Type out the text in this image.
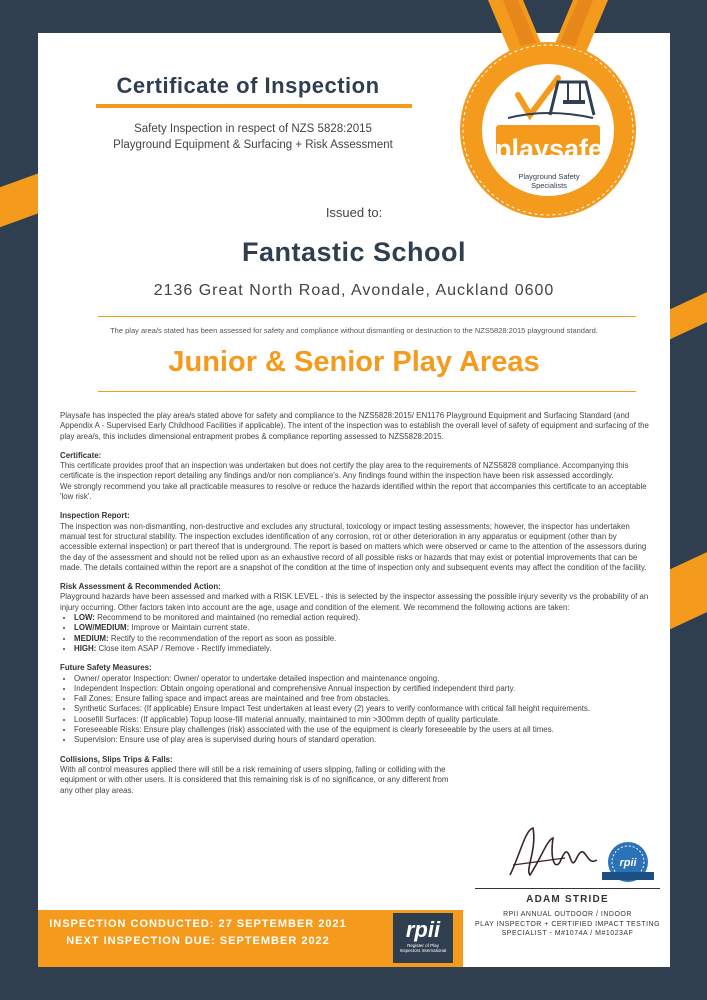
Certificate of Inspection
Safety Inspection in respect of NZS 5828:2015
Playground Equipment & Surfacing + Risk Assessment
Issued to:
Fantastic School
2136 Great North Road, Avondale, Auckland 0600
The play area/s stated has been assessed for safety and compliance without dismantling or destruction to the NZS5828:2015 playground standard.
Junior & Senior Play Areas

Playsafe has inspected the play area/s stated above for safety and compliance to the NZS5828:2015/ EN1176 Playground Equipment and Surfacing Standard (and Appendix A - Supervised Early Childhood Facilities if applicable). The intent of the inspection was to establish the overall level of safety of equipment and surfacing of the play area/s, this includes dimensional entrapment probes & compliance reporting assessed to NZS5828:2015.

Certificate:
This certificate provides proof that an inspection was undertaken but does not certify the play area to the requirements of NZS5828 compliance. Accompanying this certificate is the inspection report detailing any findings and/or non compliance's. Any findings found within the inspection have been risk assessed accordingly.
We strongly recommend you take all practicable measures to resolve or reduce the hazards identified within the report that accompanies this certificate to an acceptable 'low risk'.

Inspection Report:
The inspection was non-dismantling, non-destructive and excludes any structural, toxicology or impact testing assessments; however, the inspector has undertaken manual test for structural stability. The inspection excludes identification of any corrosion, rot or other deterioration in any apparatus or equipment (other than by accessible external inspection) or part thereof that is underground. The report is based on matters which were observed or came to the attention of the assessors during the day of the assessment and should not be relied upon as an exhaustive record of all possible risks or hazards that may exist or potential improvements that can be made. The details contained within the report are a snapshot of the condition at the time of inspection only and subsequent events may affect the condition of the facility.

Risk Assessment & Recommended Action:
Playground hazards have been assessed and marked with a RISK LEVEL - this is selected by the inspector assessing the possible injury severity vs the probability of an injury occurring. Other factors taken into account are the age, usage and condition of the element. We recommend the following actions are taken:
• LOW: Recommend to be monitored and maintained (no remedial action required).
• LOW/MEDIUM: Improve or Maintain current state.
• MEDIUM: Rectify to the recommendation of the report as soon as possible.
• HIGH: Close item ASAP / Remove - Rectify immediately.
Future Safety Measures:
• Owner/ operator Inspection: Owner/ operator to undertake detailed inspection and maintenance ongoing.
• Independent Inspection: Obtain ongoing operational and comprehensive Annual inspection by certified independent third party.
• Fall Zones: Ensure falling space and impact areas are maintained and free from obstacles.
• Synthetic Surfaces: (If applicable) Ensure Impact Test undertaken at least every (2) years to verify conformance with critical fall height requirements.
• Loosefill Surfaces: (If applicable) Topup loose-fill material annually, maintained to min >300mm depth of quality particulate.
• Foreseeable Risks: Ensure play challenges (risk) associated with the use of the equipment is clearly foreseeable by the users at all times.
• Supervision: Ensure use of play area is supervised during hours of standard operation.

Collisions, Slips Trips & Falls:
With all control measures applied there will still be a risk remaining of users slipping, falling or colliding with the equipment or with other users. It is considered that this remaining risk is of no significance, or any different from any other play areas.

playsafe
Playground Safety
Specialists
rpii
ADAM STRIDE
RPII ANNUAL OUTDOOR / INDOOR
PLAY INSPECTOR + CERTIFIED IMPACT TESTING
SPECIALIST - M#1074A / M#1023AF
INSPECTION CONDUCTED: 27 SEPTEMBER 2021
NEXT INSPECTION DUE: SEPTEMBER 2022	rpii
Register of Play
Inspectors International
